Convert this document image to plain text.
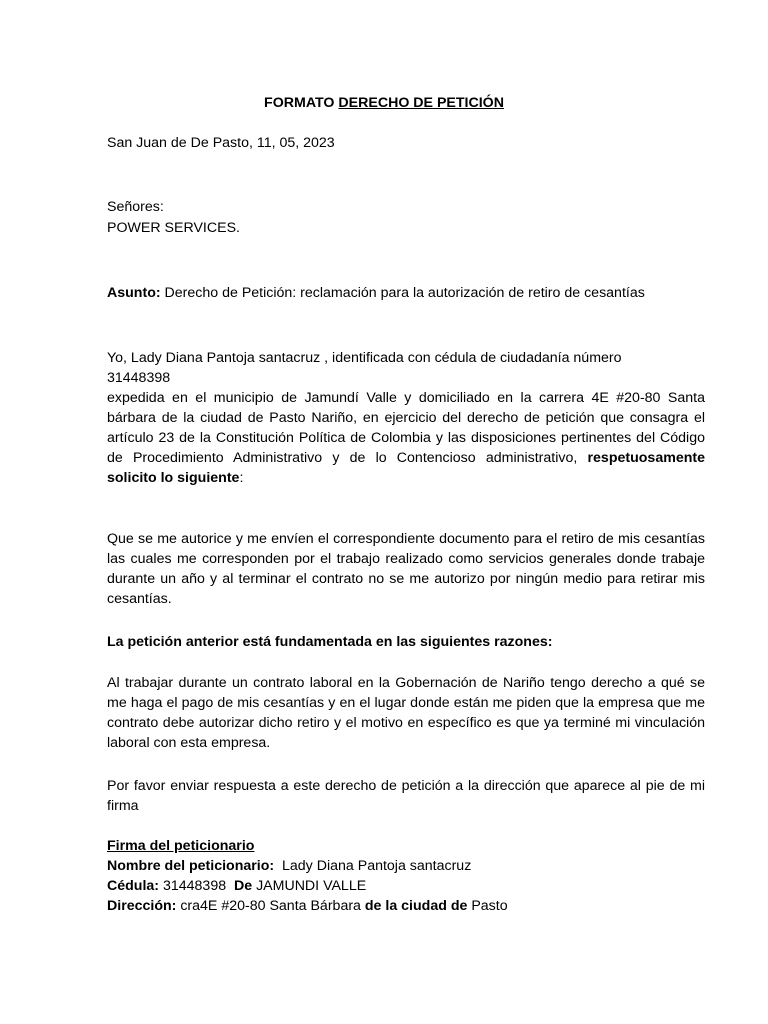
FORMATO DERECHO DE PETICIÓN

San Juan de De Pasto, 11, 05, 2023

Señores:

POWER SERVICES.

Asunto: Derecho de Petición: reclamación para la autorización de retiro de cesantías

Yo, Lady Diana Pantoja santacruz , identificada con cédula de ciudadanía número
31448398
expedida en el municipio de Jamundí Valle y domiciliado en la carrera 4E #20-80 Santa bárbara de la ciudad de Pasto Nariño, en ejercicio del derecho de petición que consagra el artículo 23 de la Constitución Política de Colombia y las disposiciones pertinentes del Código de Procedimiento Administrativo y de lo Contencioso administrativo, respetuosamente solicito lo siguiente:

Que se me autorice y me envíen el correspondiente documento para el retiro de mis cesantías las cuales me corresponden por el trabajo realizado como servicios generales donde trabaje durante un año y al terminar el contrato no se me autorizo por ningún medio para retirar mis cesantías.

La petición anterior está fundamentada en las siguientes razones:

Al trabajar durante un contrato laboral en la Gobernación de Nariño tengo derecho a qué se me haga el pago de mis cesantías y en el lugar donde están me piden que la empresa que me contrato debe autorizar dicho retiro y el motivo en específico es que ya terminé mi vinculación laboral con esta empresa.

Por favor enviar respuesta a este derecho de petición a la dirección que aparece al pie de mi firma

Firma del peticionario
Nombre del peticionario:  Lady Diana Pantoja santacruz
Cédula: 31448398  De JAMUNDI VALLE
Dirección: cra4E #20-80 Santa Bárbara de la ciudad de Pasto
